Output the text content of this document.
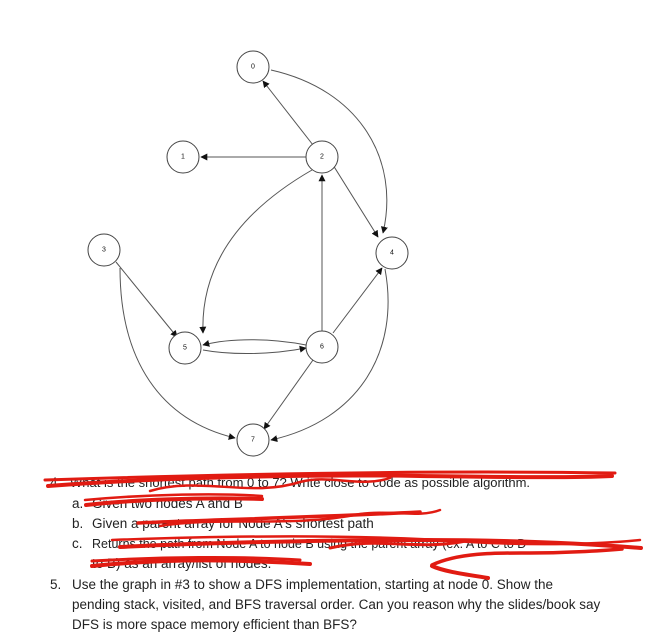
0
1	2
3	4
5	6
7
4. What is the shortest path from 0 to 7? Write close to code as possible algorithm.
a. Given two nodes A and B
b. Given a parent array for Node A's shortest path
c. Returns the path from Node A to node B using the parent array (ex. A to C to D
to B) as an array/list of nodes.
5. Use the graph in #3 to show a DFS implementation, starting at node 0. Show the
pending stack, visited, and BFS traversal order. Can you reason why the slides/book say
DFS is more space memory efficient than BFS?
